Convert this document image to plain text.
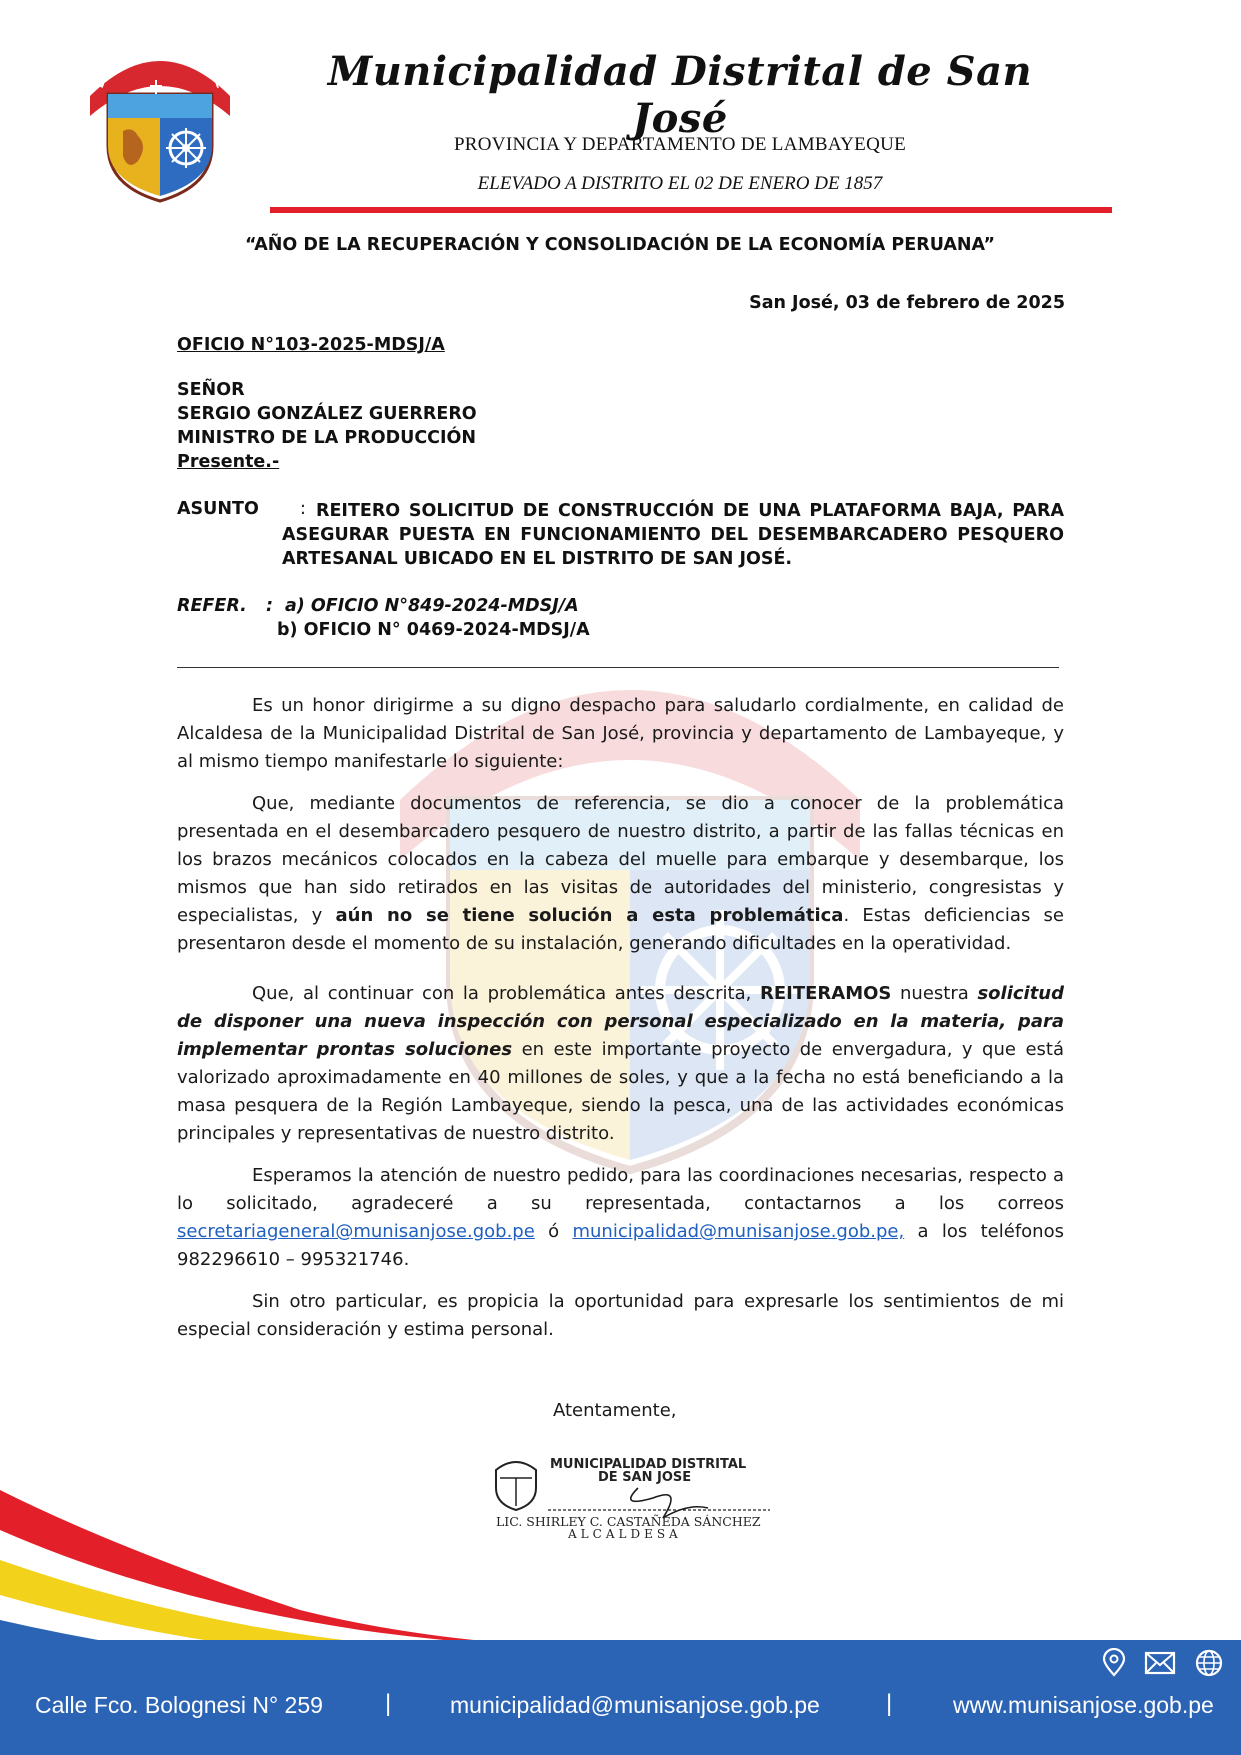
DISTRITO DE SAN JOSE	Municipalidad Distrital de San José
PROVINCIA Y DEPARTAMENTO DE LAMBAYEQUE
ELEVADO A DISTRITO EL 02 DE ENERO DE 1857
“AÑO DE LA RECUPERACIÓN Y CONSOLIDACIÓN DE LA ECONOMÍA PERUANA”
San José, 03 de febrero de 2025
OFICIO N°103-2025-MDSJ/A
SEÑOR
SERGIO GONZÁLEZ GUERRERO
MINISTRO DE LA PRODUCCIÓN
Presente.-
ASUNTO : REITERO SOLICITUD DE CONSTRUCCIÓN DE UNA PLATAFORMA BAJA, PARA ASEGURAR PUESTA EN FUNCIONAMIENTO DEL DESEMBARCADERO PESQUERO ARTESANAL UBICADO EN EL DISTRITO DE SAN JOSÉ.
REFER. : a) OFICIO N°849-2024-MDSJ/A
b) OFICIO N° 0469-2024-MDSJ/A

Es un honor dirigirme a su digno despacho para saludarlo cordialmente, en calidad de Alcaldesa de la Municipalidad Distrital de San José, provincia y departamento de Lambayeque, y al mismo tiempo manifestarle lo siguiente:

Que, mediante documentos de referencia, se dio a conocer de la problemática presentada en el desembarcadero pesquero de nuestro distrito, a partir de las fallas técnicas en los brazos mecánicos colocados en la cabeza del muelle para embarque y desembarque, los mismos que han sido retirados en las visitas de autoridades del ministerio, congresistas y especialistas, y aún no se tiene solución a esta problemática. Estas deficiencias se presentaron desde el momento de su instalación, generando dificultades en la operatividad.

Que, al continuar con la problemática antes descrita, REITERAMOS nuestra solicitud de disponer una nueva inspección con personal especializado en la materia, para implementar prontas soluciones en este importante proyecto de envergadura, y que está valorizado aproximadamente en 40 millones de soles, y que a la fecha no está beneficiando a la masa pesquera de la Región Lambayeque, siendo la pesca, una de las actividades económicas principales y representativas de nuestro distrito.

Esperamos la atención de nuestro pedido, para las coordinaciones necesarias, respecto a lo solicitado, agradeceré a su representada, contactarnos a los correos secretariageneral@munisanjose.gob.pe ó municipalidad@munisanjose.gob.pe, a los teléfonos 982296610 – 995321746.

Sin otro particular, es propicia la oportunidad para expresarle los sentimientos de mi especial consideración y estima personal.

Atentamente,
MUNICIPALIDAD DISTRITAL
DE SAN JOSE
LIC. SHIRLEY C. CASTAÑEDA SÁNCHEZ
ALCALDESA
Calle Fco. Bolognesi N° 259	|	municipalidad@munisanjose.gob.pe	|	www.munisanjose.gob.pe
